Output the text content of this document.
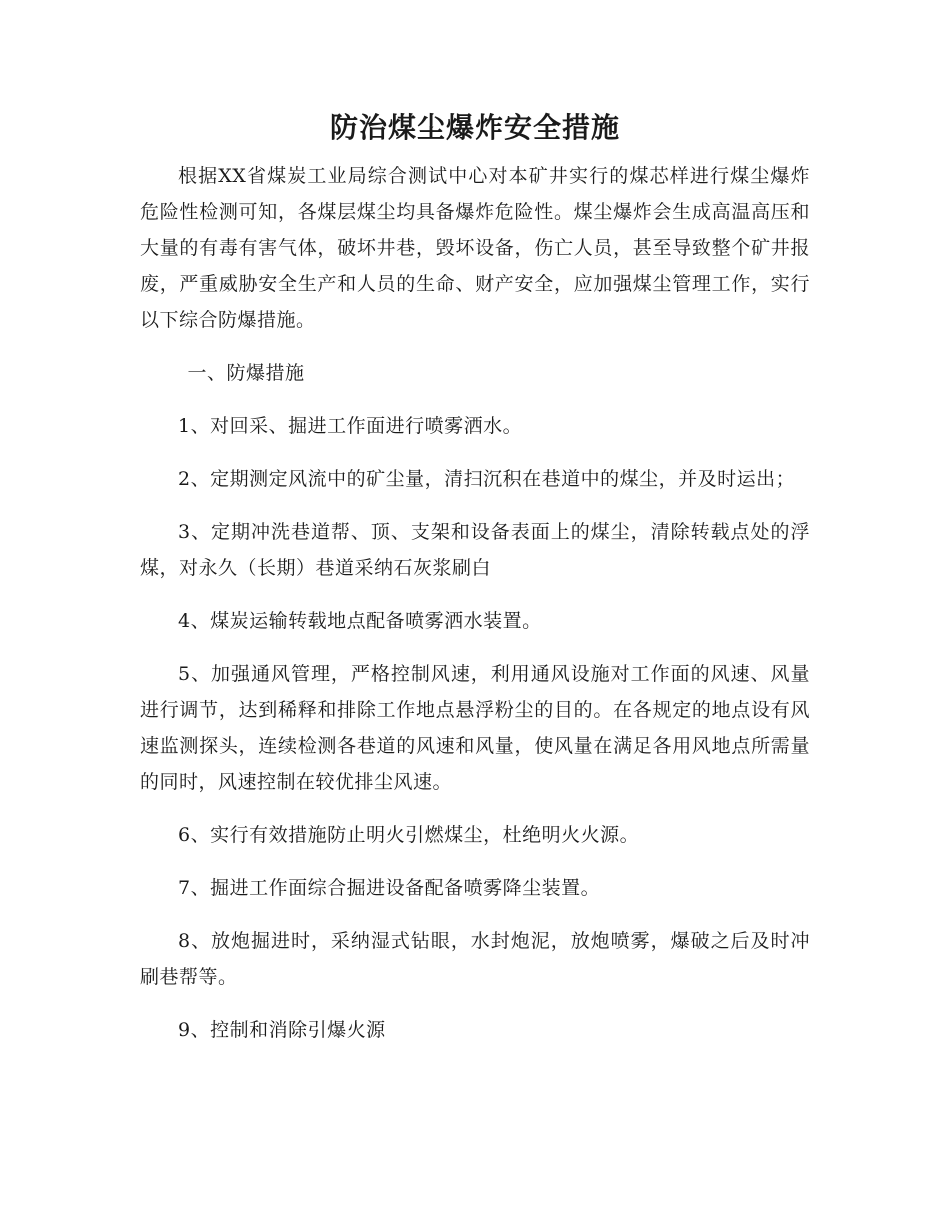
防治煤尘爆炸安全措施

根据XX省煤炭工业局综合测试中心对本矿井实行的煤芯样进行煤尘爆炸危险性检测可知，各煤层煤尘均具备爆炸危险性。煤尘爆炸会生成高温高压和大量的有毒有害气体，破坏井巷，毁坏设备，伤亡人员，甚至导致整个矿井报废，严重威胁安全生产和人员的生命、财产安全，应加强煤尘管理工作，实行以下综合防爆措施。

一、防爆措施

1、对回采、掘进工作面进行喷雾洒水。

2、定期测定风流中的矿尘量，清扫沉积在巷道中的煤尘，并及时运出；

3、定期冲洗巷道帮、顶、支架和设备表面上的煤尘，清除转载点处的浮煤，对永久（长期）巷道采纳石灰浆刷白

4、煤炭运输转载地点配备喷雾洒水装置。

5、加强通风管理，严格控制风速，利用通风设施对工作面的风速、风量进行调节，达到稀释和排除工作地点悬浮粉尘的目的。在各规定的地点设有风速监测探头，连续检测各巷道的风速和风量，使风量在满足各用风地点所需量的同时，风速控制在较优排尘风速。

6、实行有效措施防止明火引燃煤尘，杜绝明火火源。

7、掘进工作面综合掘进设备配备喷雾降尘装置。

8、放炮掘进时，采纳湿式钻眼，水封炮泥，放炮喷雾，爆破之后及时冲刷巷帮等。

9、控制和消除引爆火源
